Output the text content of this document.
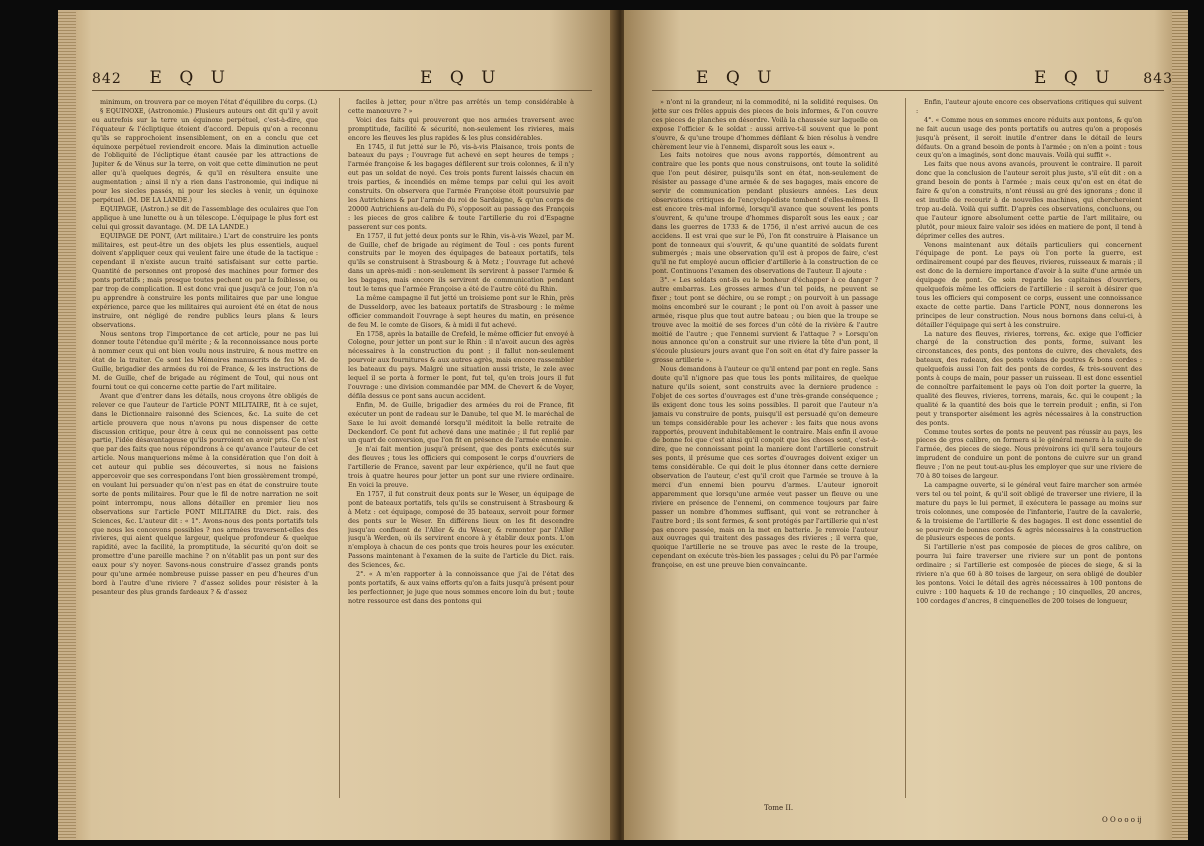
842 E Q U	E Q U

minimum, on trouvera par ce moyen l'état d'équilibre du corps. (L)

§ EQUINOXE, (Astronomie.) Plusieurs auteurs ont dit qu'il y avoit eu autrefois sur la terre un équinoxe perpétuel, c'est-à-dire, que l'équateur & l'écliptique étoient d'accord. Depuis qu'on a reconnu qu'ils se rapprochoient insensiblement, on en a conclu que cet équinoxe perpétuel reviendroit encore. Mais la diminution actuelle de l'obliquité de l'écliptique étant causée par les attractions de Jupiter & de Vénus sur la terre, on voit que cette diminution ne peut aller qu'à quelques degrés, & qu'il en résultera ensuite une augmentation ; ainsi il n'y a rien dans l'astronomie, qui indique ni pour les siecles passés, ni pour les siecles à venir, un équinoxe perpétuel. (M. DE LA LANDE.)

EQUIPAGE, (Astron.) se dit de l'assemblage des oculaires que l'on applique à une lunette ou à un télescope. L'équipage le plus fort est celui qui grossit davantage. (M. DE LA LANDE.)

EQUIPAGE DE PONT, (Art militaire.) L'art de construire les ponts militaires, est peut-être un des objets les plus essentiels, auquel doivent s'appliquer ceux qui veulent faire une étude de la tactique : cependant il n'existe aucun traité satisfaisant sur cette partie. Quantité de personnes ont proposé des machines pour former des ponts portatifs ; mais presque toutes pechent ou par la foiblesse, ou par trop de complication. Il est donc vrai que jusqu'à ce jour, l'on n'a pu apprendre à construire les ponts militaires que par une longue expérience, parce que les militaires qui auroient été en état de nous instruire, ont négligé de rendre publics leurs plans & leurs observations.

Nous sentons trop l'importance de cet article, pour ne pas lui donner toute l'étendue qu'il mérite ; & la reconnoissance nous porte à nommer ceux qui ont bien voulu nous instruire, & nous mettre en état de la traiter. Ce sont les Mémoires manuscrits de feu M. de Guille, brigadier des armées du roi de France, & les instructions de M. de Guille, chef de brigade au régiment de Toul, qui nous ont fourni tout ce qui concerne cette partie de l'art militaire.

Avant que d'entrer dans les détails, nous croyons être obligés de relever ce que l'auteur de l'article PONT MILITAIRE, fit à ce sujet, dans le Dictionnaire raisonné des Sciences, &c. La suite de cet article prouvera que nous n'avons pu nous dispenser de cette discussion critique, pour être à ceux qui ne connoissent pas cette partie, l'idée désavantageuse qu'ils pourroient en avoir pris. Ce n'est que par des faits que nous répondrons à ce qu'avance l'auteur de cet article. Nous manquerions même à la considération que l'on doit à cet auteur qui publie ses découvertes, si nous ne faisions appercevoir que ses correspondans l'ont bien grossièrement trompé, en voulant lui persuader qu'on n'est pas en état de construire toute sorte de ponts militaires. Pour que le fil de notre narration ne soit point interrompu, nous allons détailler en premier lieu nos observations sur l'article PONT MILITAIRE du Dict. rais. des Sciences, &c. L'auteur dit : « 1°. Avons-nous des ponts portatifs tels que nous les concevons possibles ? nos armées traversent-elles des rivieres, qui aient quelque largeur, quelque profondeur & quelque rapidité, avec la facilité, la promptitude, la sécurité qu'on doit se promettre d'une pareille machine ? on n'établit pas un pont sur des eaux pour s'y noyer. Savons-nous construire d'assez grands ponts pour qu'une armée nombreuse puisse passer en peu d'heures d'un bord à l'autre d'une riviere ? d'assez solides pour résister à la pesanteur des plus grands fardeaux ? & d'assez

faciles à jetter, pour n'être pas arrêtés un temp considérable à cette manœuvre ? »

Voici des faits qui prouveront que nos armées traversent avec promptitude, facilité & sécurité, non-seulement les rivieres, mais encore les fleuves les plus rapides & les plus considérables.

En 1745, il fut jetté sur le Pô, vis-à-vis Plaisance, trois ponts de bateaux du pays ; l'ouvrage fut achevé en sept heures de temps ; l'armée françoise & les bagages défilerent sur trois colonnes, & il n'y eut pas un soldat de noyé. Ces trois ponts furent laissés chacun en trois parties, & incendiés en même temps par celui qui les avoit construits. On observera que l'armée Françoise étoit poursuivie par les Autrichiens & par l'armée du roi de Sardaigne, & qu'un corps de 20000 Autrichiens au-delà du Pô, s'opposoit au passage des François : les pieces de gros calibre & toute l'artillerie du roi d'Espagne passerent sur ces ponts.

En 1757, il fut jetté deux ponts sur le Rhin, vis-à-vis Wezel, par M. de Guille, chef de brigade au régiment de Toul : ces ponts furent construits par le moyen des équipages de bateaux portatifs, tels qu'ils se construisent à Strasbourg & à Metz ; l'ouvrage fut achevé dans un après-midi : non-seulement ils servirent à passer l'armée & les bagages, mais encore ils servirent de communication pendant tout le tems que l'armée Françoise a été de l'autre côté du Rhin.

La même campagne il fut jetté un troisieme pont sur le Rhin, près de Dusseldorp, avec les bateaux portatifs de Strasbourg : le même officier commandoit l'ouvrage à sept heures du matin, en présence de feu M. le comte de Gisors, & à midi il fut achevé.

En 1758, après la bataille de Crefeld, le même officier fut envoyé à Cologne, pour jetter un pont sur le Rhin : il n'avoit aucun des agrès nécessaires à la construction du pont ; il fallut non-seulement pourvoir aux fournitures & aux autres agrès, mais encore rassembler les bateaux du pays. Malgré une situation aussi triste, le zele avec lequel il se porta à former le pont, fut tel, qu'en trois jours il fut l'ouvrage : une division commandée par MM. de Chevert & de Voyer, défila dessus ce pont sans aucun accident.

Enfin, M. de Guille, brigadier des armées du roi de France, fit exécuter un pont de radeau sur le Danube, tel que M. le maréchal de Saxe le lui avoit demandé lorsqu'il méditoit la belle retraite de Deckendorf. Ce pont fut achevé dans une matinée ; il fut replié par un quart de conversion, que l'on fit en présence de l'armée ennemie.

Je n'ai fait mention jusqu'à présent, que des ponts exécutés sur des fleuves ; tous les officiers qui composent le corps d'ouvriers de l'artillerie de France, savent par leur expérience, qu'il ne faut que trois à quatre heures pour jetter un pont sur une riviere ordinaire. En voici la preuve.

En 1757, il fut construit deux ponts sur le Weser, un équipage de pont de bateaux portatifs, tels qu'ils se construisent à Strasbourg & à Metz : cet équipage, composé de 35 bateaux, servoit pour former des ponts sur le Weser. En différens lieux on les fit descendre jusqu'au confluent de l'Aller & du Weser, & remonter par l'Aller jusqu'à Werden, où ils servirent encore à y établir deux ponts. L'on n'employa à chacun de ces ponts que trois heures pour les exécuter. Passons maintenant à l'examen de la suite de l'article du Dict. rais. des Sciences, &c.

2°. « A m'en rapporter à la connoissance que j'ai de l'état des ponts portatifs, & aux vains efforts qu'on a faits jusqu'à présent pour les perfectionner, je juge que nous sommes encore loin du but ; toute notre ressource est dans des pontons qui

E Q U	E Q U 843

» n'ont ni la grandeur, ni la commodité, ni la solidité requises. On jette sur ces frêles appuis des pieces de bois informes, & l'on couvre ces pieces de planches en désordre. Voilà la chaussée sur laquelle on expose l'officier & le soldat : aussi arrive-t-il souvent que le pont s'ouvre, & qu'une troupe d'hommes défilant & bien résolus à vendre chèrement leur vie à l'ennemi, disparoît sous les eaux ».

Les faits notoires que nous avons rapportés, démontrent au contraire que les ponts que nous construisons, ont toute la solidité que l'on peut désirer, puisqu'ils sont en état, non-seulement de résister au passage d'une armée & de ses bagages, mais encore de servir de communication pendant plusieurs années. Les deux observations critiques de l'encyclopédiste tombent d'elles-mêmes. Il est encore très-mal informé, lorsqu'il avance que souvent les ponts s'ouvrent, & qu'une troupe d'hommes disparoît sous les eaux ; car dans les guerres de 1733 & de 1756, il n'est arrivé aucun de ces accidens. Il est vrai que sur le Pô, l'on fit construire à Plaisance un pont de tonneaux qui s'ouvrit, & qu'une quantité de soldats furent submergés ; mais une observation qu'il est à propos de faire, c'est qu'il ne fut employé aucun officier d'artillerie à la construction de ce pont. Continuons l'examen des observations de l'auteur. Il ajoute :

3°. « Les soldats ont-ils eu le bonheur d'échapper à ce danger ? autre embarras. Les grosses armes d'un tel poids, ne peuvent se fixer ; tout pont se déchire, ou se rompt ; on pourvoit à un passage moins encombré sur le courant ; le pont où l'on avoit à passer une armée, risque plus que tout autre bateau ; ou bien que la troupe se trouve avec la moitié de ses forces d'un côté de la rivière & l'autre moitié de l'autre ; que l'ennemi survient & l'attaque ? » Lorsqu'on nous annonce qu'on a construit sur une riviere la tête d'un pont, il s'écoule plusieurs jours avant que l'on soit en état d'y faire passer la grosse artillerie ».

Nous demandons à l'auteur ce qu'il entend par pont en regle. Sans doute qu'il n'ignore pas que tous les ponts militaires, de quelque nature qu'ils soient, sont construits avec la derniere prudence : l'objet de ces sortes d'ouvrages est d'une très-grande conséquence ; ils exigent donc tous les soins possibles. Il paroit que l'auteur n'a jamais vu construire de ponts, puisqu'il est persuadé qu'on demeure un temps considérable pour les achever : les faits que nous avons rapportés, prouvent indubitablement le contraire. Mais enfin il avoue de bonne foi que c'est ainsi qu'il conçoit que les choses sont, c'est-à-dire, que ne connoissant point la maniere dont l'artillerie construit ses ponts, il présume que ces sortes d'ouvrages doivent exiger un tems considérable. Ce qui doit le plus étonner dans cette derniere observation de l'auteur, c'est qu'il croit que l'armée se trouve à la merci d'un ennemi bien pourvu d'armes. L'auteur ignoroit apparemment que lorsqu'une armée veut passer un fleuve ou une riviere en présence de l'ennemi, on commence toujours par faire passer un nombre d'hommes suffisant, qui vont se retrancher à l'autre bord ; ils sont fermes, & sont protégés par l'artillerie qui n'est pas encore passée, mais on la met en batterie. Je renvoie l'auteur aux ouvrages qui traitent des passages des rivieres ; il verra que, quoique l'artillerie ne se trouve pas avec le reste de la troupe, cependant on exécute très-bien les passages ; celui du Pô par l'armée françoise, en est une preuve bien convaincante.

Enfin, l'auteur ajoute encore ces observations critiques qui suivent :

4°. « Comme nous en sommes encore réduits aux pontons, & qu'on ne fait aucun usage des ponts portatifs ou autres qu'on a proposés jusqu'à présent, il seroit inutile d'entrer dans le détail de leurs défauts. On a grand besoin de ponts à l'armée ; on n'en a point : tous ceux qu'on a imaginés, sont donc mauvais. Voilà qui suffit ».

Les faits que nous avons avancés, prouvent le contraire. Il paroit donc que la conclusion de l'auteur seroit plus juste, s'il eût dit : on a grand besoin de ponts à l'armée ; mais ceux qu'on est en état de faire & qu'on a construits, n'ont réussi au gré des ignorans ; donc il est inutile de recourir à de nouvelles machines, qui chercheroient trop au-delà. Voilà qui suffit. D'après ces observations, concluons, ou que l'auteur ignore absolument cette partie de l'art militaire, ou plutôt, pour mieux faire valoir ses idées en matiere de pont, il tend à déprimer celles des autres.

Venons maintenant aux détails particuliers qui concernent l'équipage de pont. Le pays où l'on porte la guerre, est ordinairement coupé par des fleuves, rivieres, ruisseaux & marais ; il est donc de la derniere importance d'avoir à la suite d'une armée un équipage de pont. Ce soin regarde les capitaines d'ouvriers, quelquefois même les officiers de l'artillerie : il seroit à désirer que tous les officiers qui composent ce corps, eussent une connoissance exacte de cette partie. Dans l'article PONT, nous donnerons les principes de leur construction. Nous nous bornons dans celui-ci, à détailler l'équipage qui sert à les construire.

La nature des fleuves, rivieres, torrens, &c. exige que l'officier chargé de la construction des ponts, forme, suivant les circonstances, des ponts, des pontons de cuivre, des chevalets, des bateaux, des radeaux, des ponts volans de poutres & bons cordes : quelquefois aussi l'on fait des ponts de cordes, & très-souvent des ponts à coups de main, pour passer un ruisseau. Il est donc essentiel de connoître parfaitement le pays où l'on doit porter la guerre, la qualité des fleuves, rivieres, torrens, marais, &c. qui le coupent ; la qualité & la quantité des bois que le terrein produit ; enfin, si l'on peut y transporter aisément les agrès nécessaires à la construction des ponts.

Comme toutes sortes de ponts ne peuvent pas réussir au pays, les pieces de gros calibre, on formera si le général menera à la suite de l'armée, des pieces de siege. Nous prévoirons ici qu'il sera toujours imprudent de conduire un pont de pontons de cuivre sur un grand fleuve ; l'on ne peut tout-au-plus les employer que sur une riviere de 70 à 80 toises de largeur.

La campagne ouverte, si le général veut faire marcher son armée vers tel ou tel point, & qu'il soit obligé de traverser une riviere, il la mature du pays le lui permet, il exécutera le passage au moins sur trois colonnes, une composée de l'infanterie, l'autre de la cavalerie, & la troisieme de l'artillerie & des bagages. Il est donc essentiel de se pourvoir de bonnes cordes & agrès nécessaires à la construction de plusieurs especes de ponts.

Si l'artillerie n'est pas composée de pieces de gros calibre, on pourra lui faire traverser une riviere sur un pont de pontons ordinaire ; si l'artillerie est composée de pieces de siege, & si la riviere n'a que 60 à 80 toises de largeur, on sera obligé de doubler les pontons. Voici le détail des agrès nécessaires à 100 pontons de cuivre : 100 haquets & 10 de rechange ; 10 cinquelles, 20 ancres, 100 cordages d'ancres, 8 cinquenelles de 200 toises de longueur,

Tome II.
O O o o o ij
